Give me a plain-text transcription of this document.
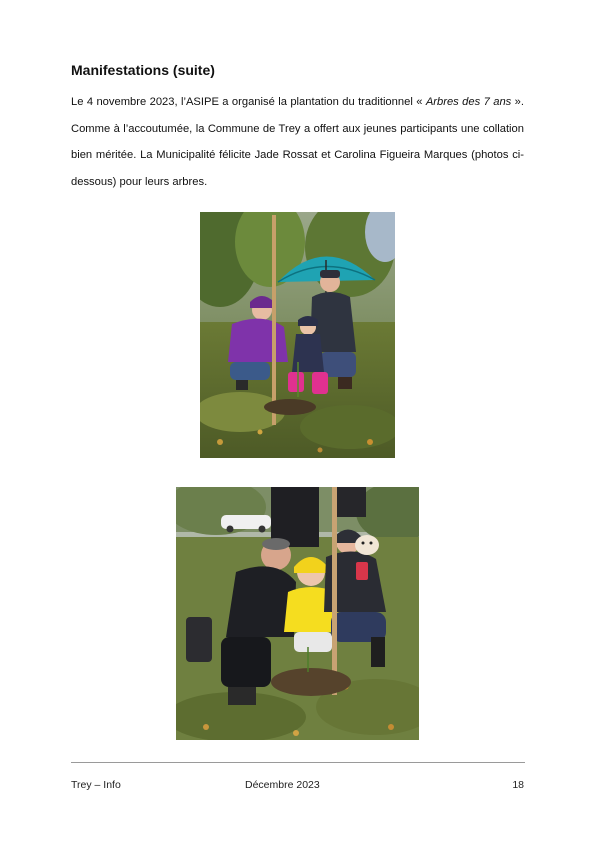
Manifestations (suite)

Le 4 novembre 2023, l’ASIPE a organisé la plantation du traditionnel « Arbres des 7 ans ». Comme à l’accoutumée, la Commune de Trey a offert aux jeunes participants une collation bien méritée. La Municipalité félicite Jade Rossat et Carolina Figueira Marques (photos ci-dessous) pour leurs arbres.

Trey – Info	Décembre 2023	18
